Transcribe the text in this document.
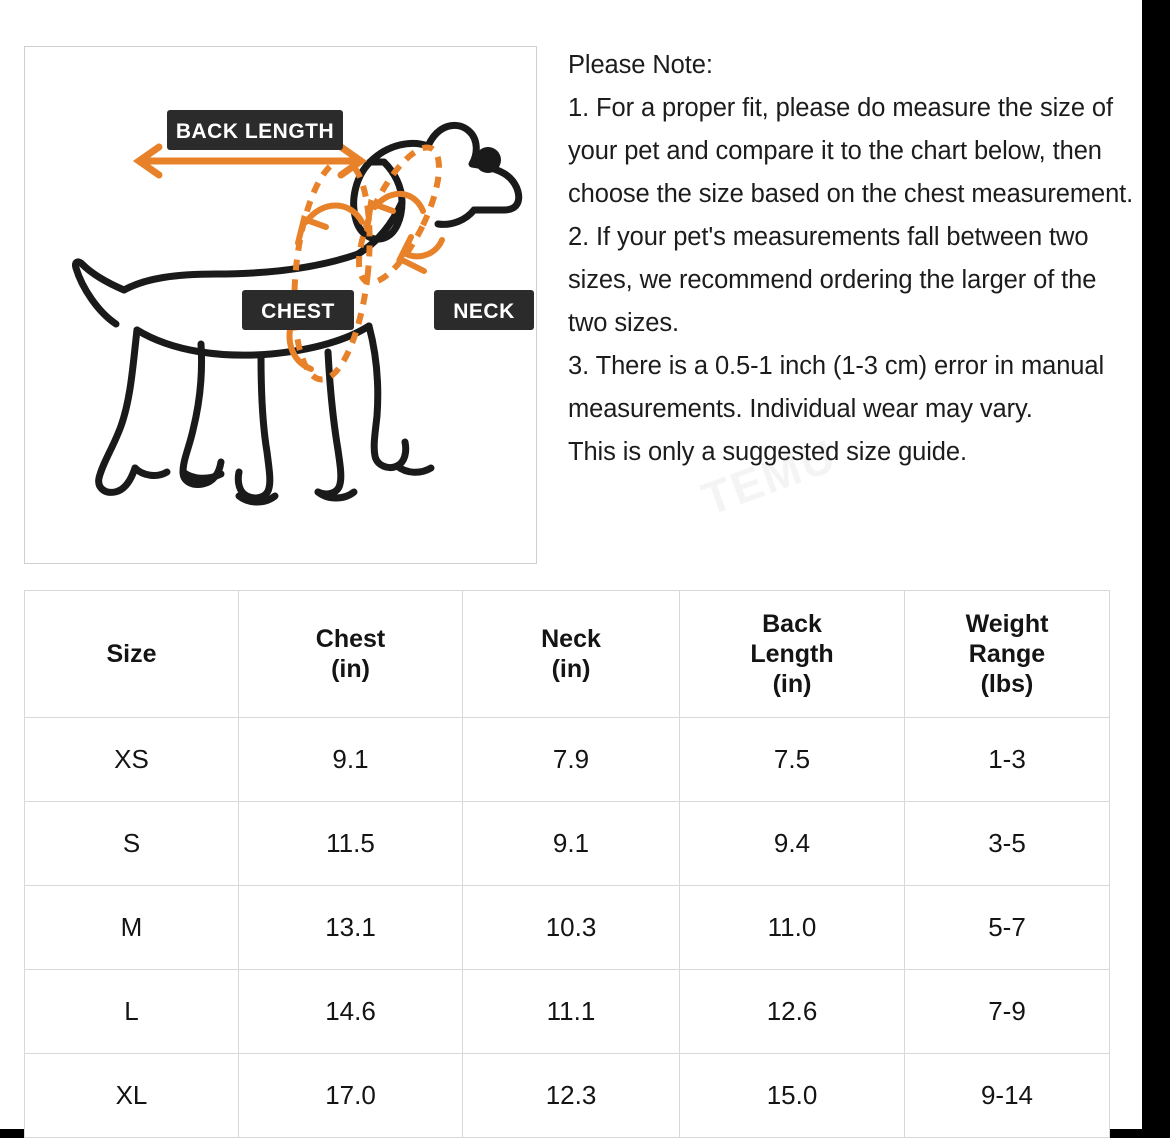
BACK LENGTH
CHEST	NECK

Please Note:

1. For a proper fit, please do measure the size of your pet and compare it to the chart below, then choose the size based on the chest measurement.

2. If your pet's measurements fall between two sizes, we recommend ordering the larger of the two sizes.

3. There is a 0.5-1 inch (1-3 cm) error in manual measurements. Individual wear may vary.

This is only a suggested size guide.

Size

Chest
(in)

Neck
(in)

Back
Length
(in)

Weight
Range
(lbs)

XS	9.1	7.9	7.5	1-3
S	11.5	9.1	9.4	3-5
M	13.1	10.3	11.0	5-7
L	14.6	11.1	12.6	7-9
XL	17.0	12.3	15.0	9-14
